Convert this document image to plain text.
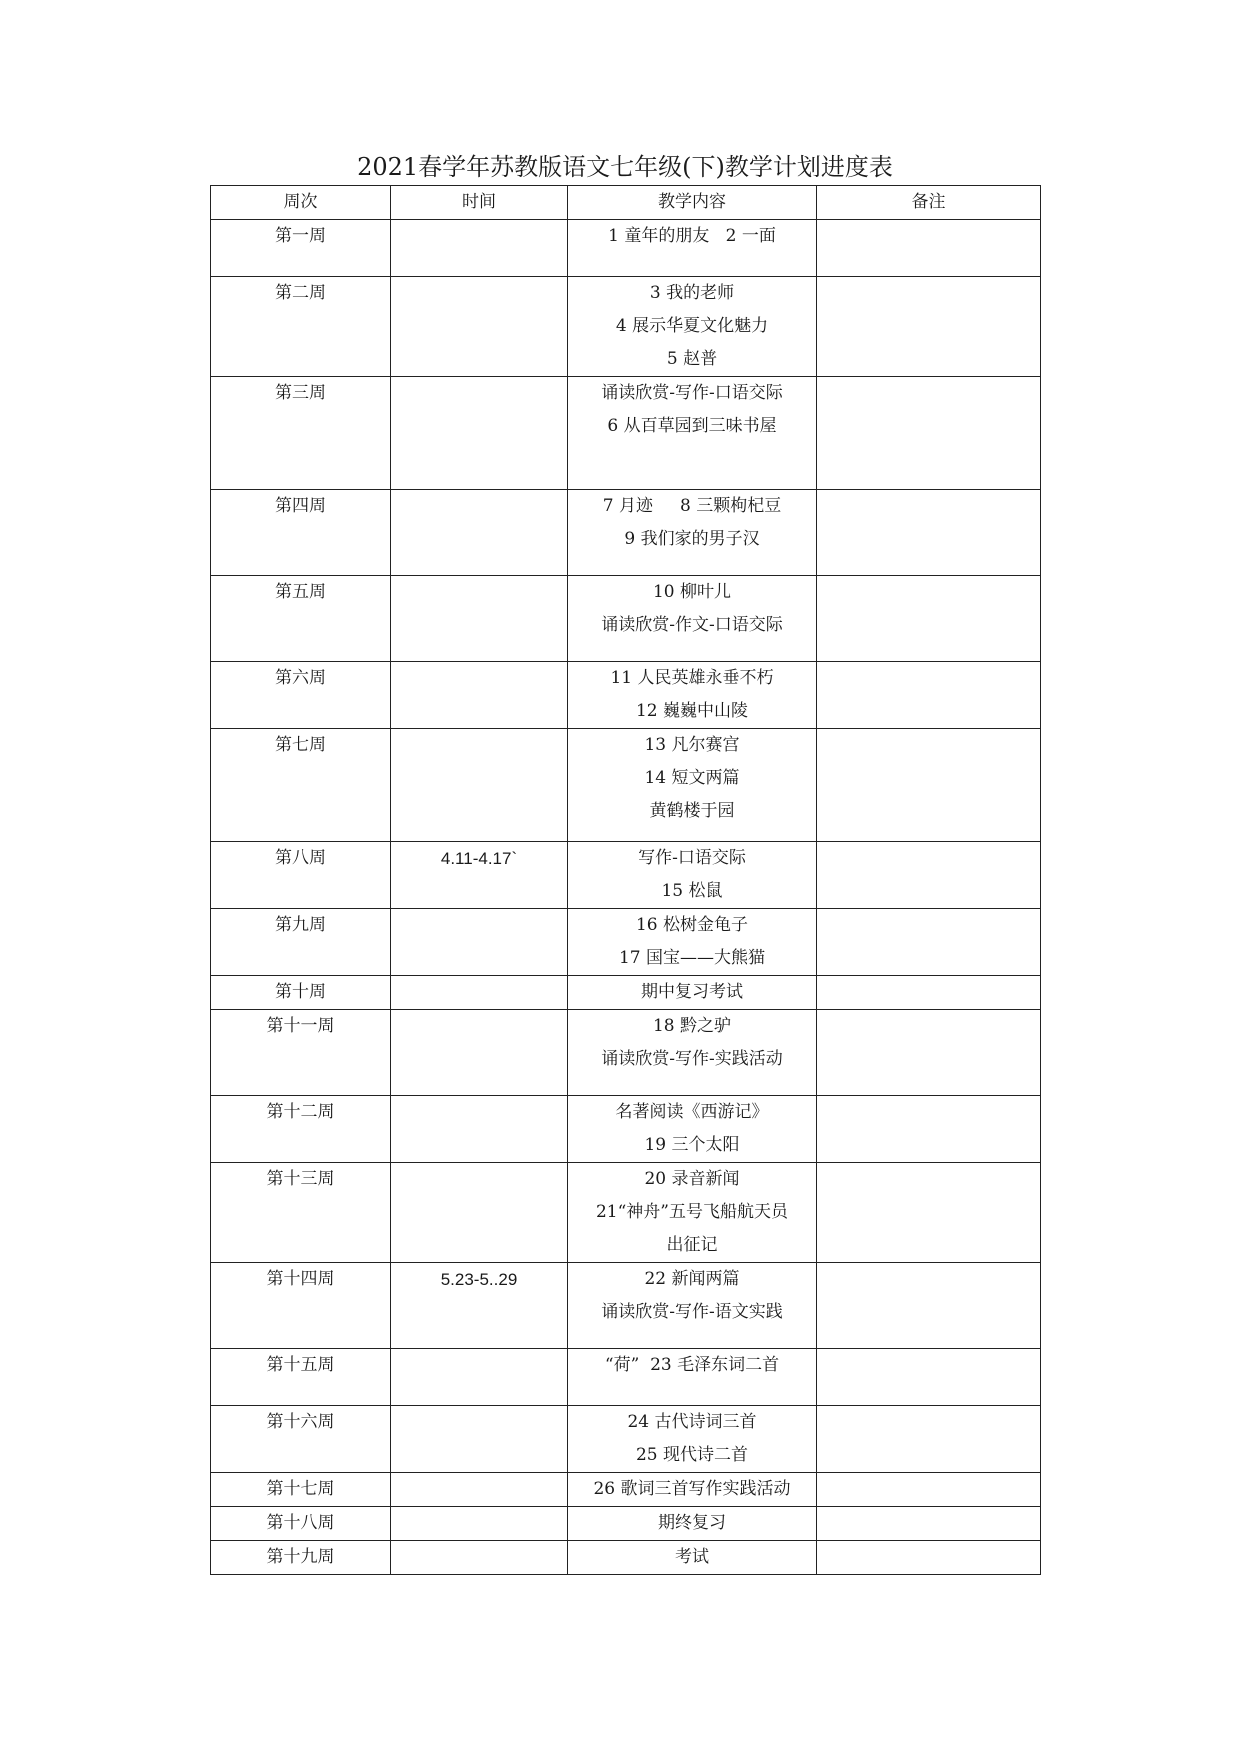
2021春学年苏教版语文七年级(下)教学计划进度表
周次	时间	教学内容	备注
第一周		1 童年的朋友   2 一面	

第二周		3 我的老师
4 展示华夏文化魅力
5 赵普	

第三周		诵读欣赏-写作-口语交际
6 从百草园到三味书屋	

第四周		7 月迹     8 三颗枸杞豆
9 我们家的男子汉	

第五周		10 柳叶儿
诵读欣赏-作文-口语交际	

第六周		11 人民英雄永垂不朽
12 巍巍中山陵	

第七周		13 凡尔赛宫
14 短文两篇
黄鹤楼于园	

第八周	4.11-4.17`	写作-口语交际
15 松鼠	

第九周		16 松树金龟子
17 国宝——大熊猫	

第十周		期中复习考试	

第十一周		18 黔之驴
诵读欣赏-写作-实践活动	

第十二周		名著阅读《西游记》
19 三个太阳	

第十三周		20 录音新闻
21“神舟”五号飞船航天员
出征记	

第十四周	5.23-5..29	22 新闻两篇
诵读欣赏-写作-语文实践	

第十五周		“荷”  23 毛泽东词二首	

第十六周		24 古代诗词三首
25 现代诗二首	

第十七周		26 歌词三首写作实践活动	

第十八周		期终复习	

第十九周		考试	
